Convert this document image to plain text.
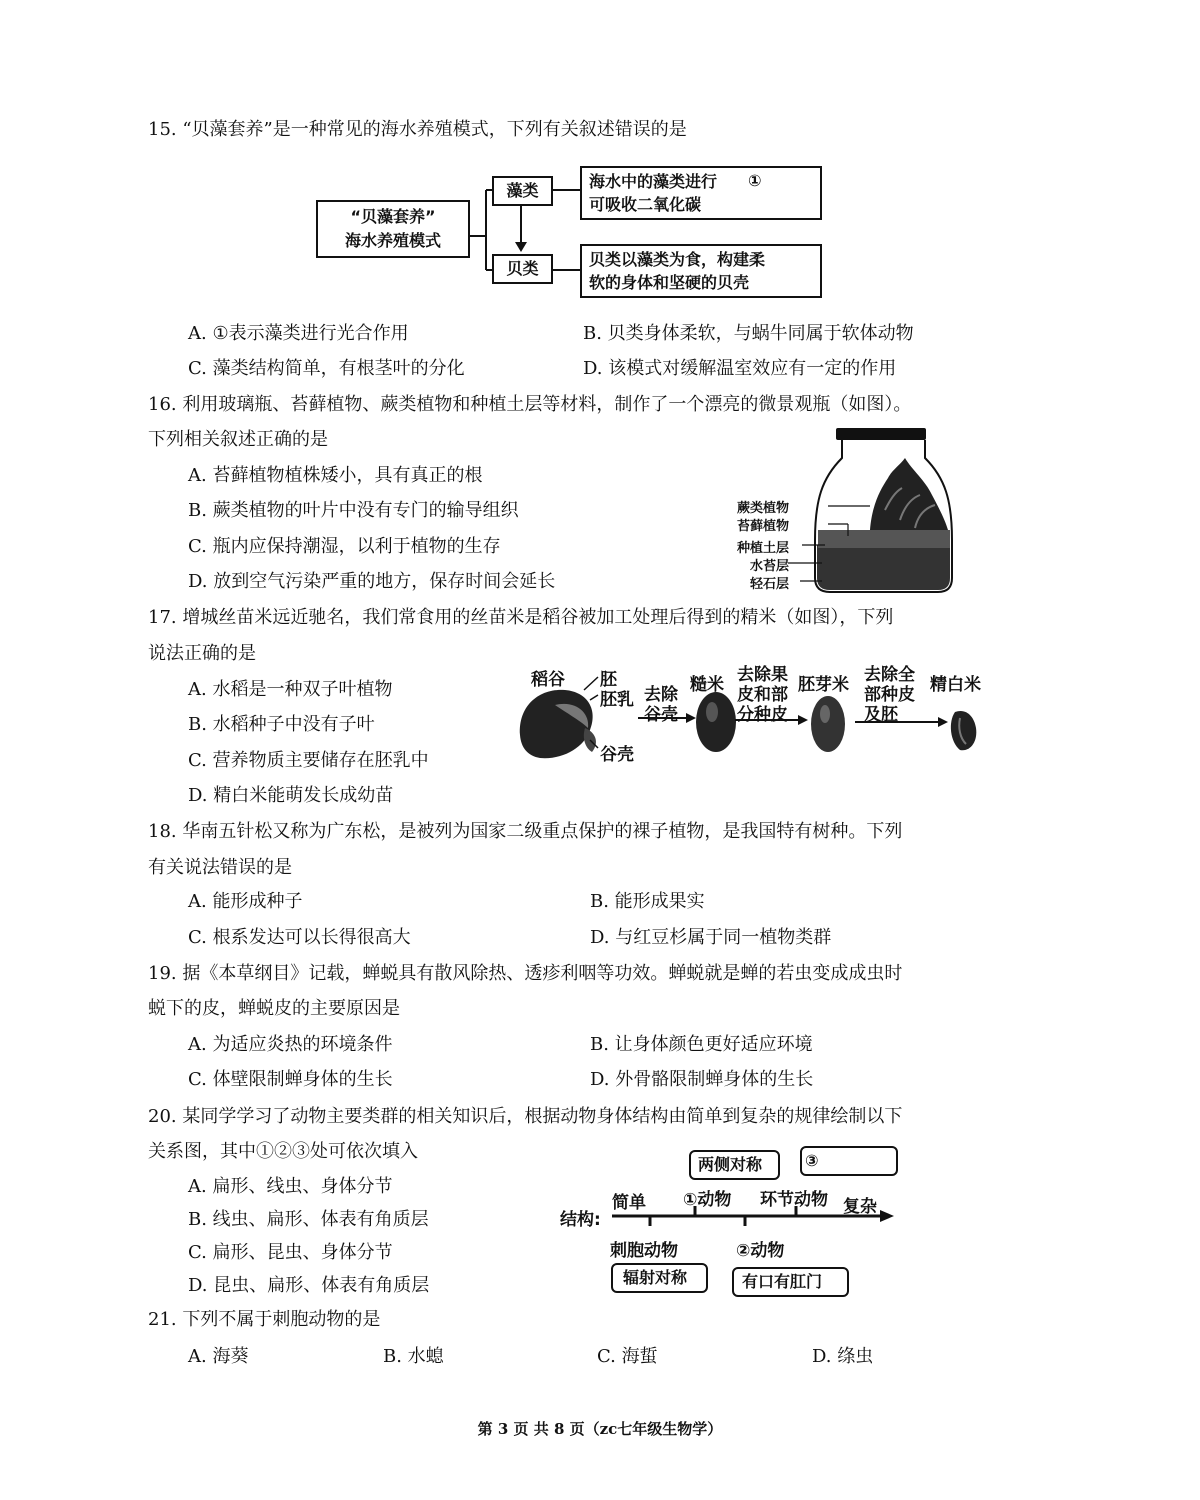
15. “贝藻套养”是一种常见的海水养殖模式，下列有关叙述错误的是
“贝藻套养”
海水养殖模式
藻类
贝类
海水中的藻类进行 ①
可吸收二氧化碳
贝类以藻类为食，构建柔
软的身体和坚硬的贝壳
A. ①表示藻类进行光合作用	B. 贝类身体柔软，与蜗牛同属于软体动物
C. 藻类结构简单，有根茎叶的分化	D. 该模式对缓解温室效应有一定的作用
16. 利用玻璃瓶、苔藓植物、蕨类植物和种植土层等材料，制作了一个漂亮的微景观瓶（如图）。
下列相关叙述正确的是
A. 苔藓植物植株矮小，具有真正的根
B. 蕨类植物的叶片中没有专门的输导组织
C. 瓶内应保持潮湿，以利于植物的生存
D. 放到空气污染严重的地方，保存时间会延长
蕨类植物
苔藓植物
种植土层
水苔层
轻石层
17. 增城丝苗米远近驰名，我们常食用的丝苗米是稻谷被加工处理后得到的精米（如图），下列
说法正确的是
A. 水稻是一种双子叶植物
B. 水稻种子中没有子叶
C. 营养物质主要储存在胚乳中
D. 精白米能萌发长成幼苗
稻谷 胚
胚乳
谷壳
去除
谷壳
糙米 去除果
皮和部
分种皮
胚芽米 去除全
部种皮
及胚
精白米
18. 华南五针松又称为广东松，是被列为国家二级重点保护的裸子植物，是我国特有树种。下列
有关说法错误的是
A. 能形成种子	B. 能形成果实
C. 根系发达可以长得很高大	D. 与红豆杉属于同一植物类群
19. 据《本草纲目》记载，蝉蜕具有散风除热、透疹利咽等功效。蝉蜕就是蝉的若虫变成成虫时
蜕下的皮，蝉蜕皮的主要原因是
A. 为适应炎热的环境条件	B. 让身体颜色更好适应环境
C. 体壁限制蝉身体的生长	D. 外骨骼限制蝉身体的生长
20. 某同学学习了动物主要类群的相关知识后，根据动物身体结构由简单到复杂的规律绘制以下
关系图，其中①②③处可依次填入
A. 扁形、线虫、身体分节
B. 线虫、扁形、体表有角质层
C. 扁形、昆虫、身体分节
D. 昆虫、扁形、体表有角质层
结构:
简单 ①动物 环节动物 复杂
刺胞动物	②动物
两侧对称	③
辐射对称	有口有肛门
21. 下列不属于刺胞动物的是
A. 海葵	B. 水螅	C. 海蜇	D. 绦虫
第 3 页 共 8 页（zc七年级生物学）
